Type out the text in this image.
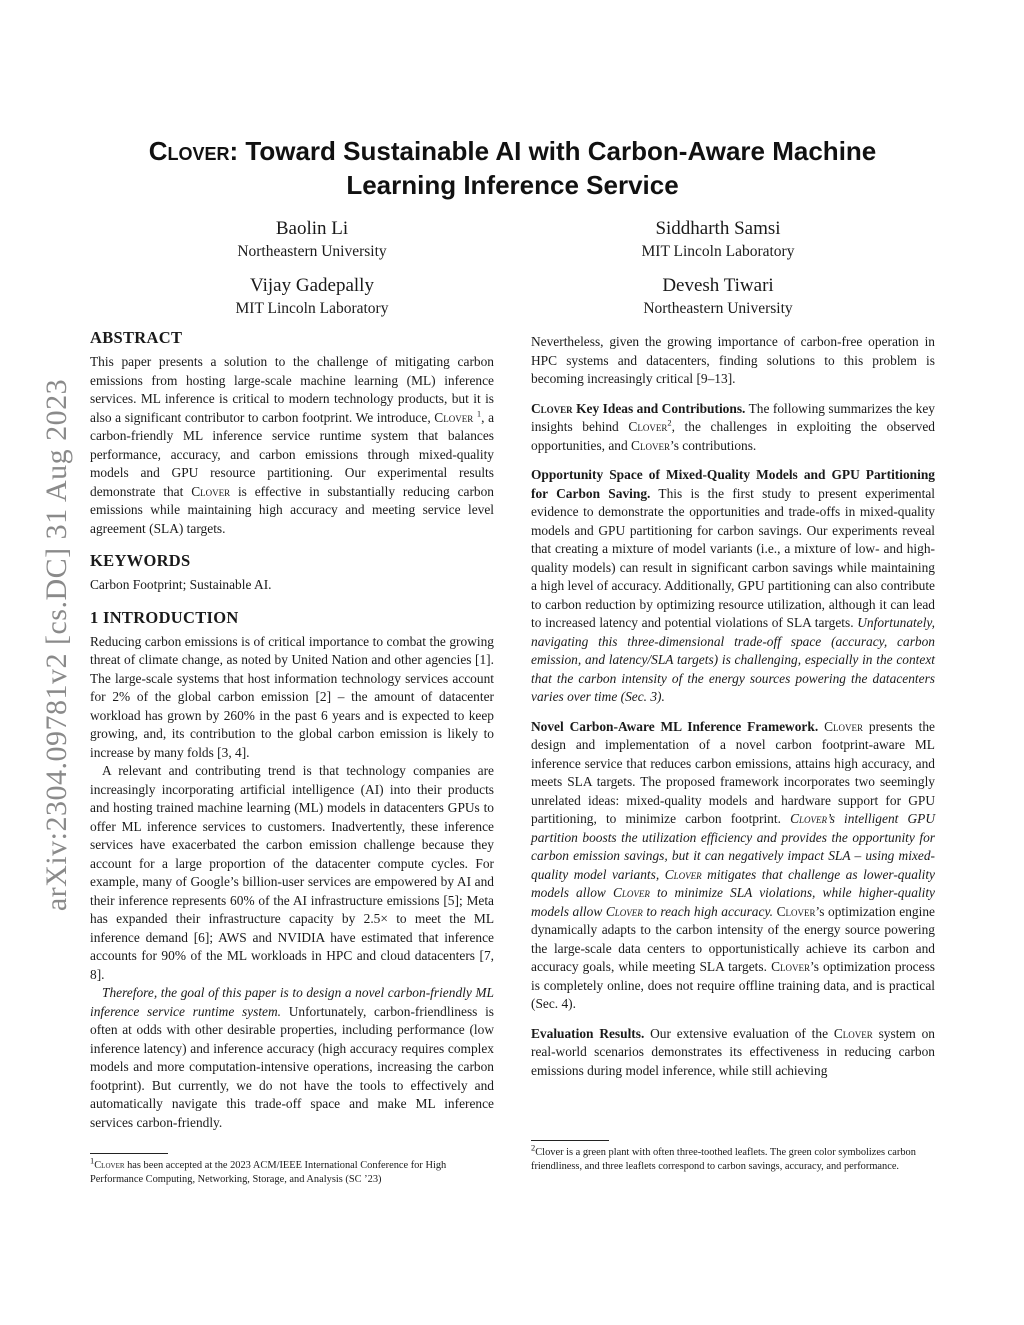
arXiv:2304.09781v2 [cs.DC] 31 Aug 2023
Clover: Toward Sustainable AI with Carbon-Aware Machine
Learning Inference Service
Baolin Li
Northeastern University
Siddharth Samsi
MIT Lincoln Laboratory
Vijay Gadepally
MIT Lincoln Laboratory
Devesh Tiwari
Northeastern University
ABSTRACT

This paper presents a solution to the challenge of mitigating carbon emissions from hosting large-scale machine learning (ML) inference services. ML inference is critical to modern technology products, but it is also a significant contributor to carbon footprint. We introduce, Clover $^1$, a carbon-friendly ML inference service runtime system that balances performance, accuracy, and carbon emissions through mixed-quality models and GPU resource partitioning. Our experimental results demonstrate that Clover is effective in substantially reducing carbon emissions while maintaining high accuracy and meeting service level agreement (SLA) targets.

KEYWORDS

Carbon Footprint; Sustainable AI.

1 INTRODUCTION

Reducing carbon emissions is of critical importance to combat the growing threat of climate change, as noted by United Nation and other agencies [1]. The large-scale systems that host information technology services account for 2% of the global carbon emission [2] – the amount of datacenter workload has grown by 260% in the past 6 years and is expected to keep growing, and, its contribution to the global carbon emission is likely to increase by many folds [3, 4].

A relevant and contributing trend is that technology companies are increasingly incorporating artificial intelligence (AI) into their products and hosting trained machine learning (ML) models in datacenters GPUs to offer ML inference services to customers. Inadvertently, these inference services have exacerbated the carbon emission challenge because they account for a large proportion of the datacenter compute cycles. For example, many of Google’s billion-user services are empowered by AI and their inference represents 60% of the AI infrastructure emissions [5]; Meta has expanded their infrastructure capacity by 2.5× to meet the ML inference demand [6]; AWS and NVIDIA have estimated that inference accounts for 90% of the ML workloads in HPC and cloud datacenters [7, 8].

Therefore, the goal of this paper is to design a novel carbon-friendly ML inference service runtime system. Unfortunately, carbon-friendliness is often at odds with other desirable properties, including performance (low inference latency) and inference accuracy (high accuracy requires complex models and more computation-intensive operations, increasing the carbon footprint). But currently, we do not have the tools to effectively and automatically navigate this trade-off space and make ML inference services carbon-friendly.

$^1$Clover has been accepted at the 2023 ACM/IEEE International Conference for High Performance Computing, Networking, Storage, and Analysis (SC ’23)

Nevertheless, given the growing importance of carbon-free operation in HPC systems and datacenters, finding solutions to this problem is becoming increasingly critical [9–13].

Clover Key Ideas and Contributions. The following summarizes the key insights behind Clover$^2$, the challenges in exploiting the observed opportunities, and Clover’s contributions.

Opportunity Space of Mixed-Quality Models and GPU Partitioning for Carbon Saving. This is the first study to present experimental evidence to demonstrate the opportunities and trade-offs in mixed-quality models and GPU partitioning for carbon savings. Our experiments reveal that creating a mixture of model variants (i.e., a mixture of low- and high-quality models) can result in significant carbon savings while maintaining a high level of accuracy. Additionally, GPU partitioning can also contribute to carbon reduction by optimizing resource utilization, although it can lead to increased latency and potential violations of SLA targets. Unfortunately, navigating this three-dimensional trade-off space (accuracy, carbon emission, and latency/SLA targets) is challenging, especially in the context that the carbon intensity of the energy sources powering the datacenters varies over time (Sec. 3).

Novel Carbon-Aware ML Inference Framework. Clover presents the design and implementation of a novel carbon footprint-aware ML inference service that reduces carbon emissions, attains high accuracy, and meets SLA targets. The proposed framework incorporates two seemingly unrelated ideas: mixed-quality models and hardware support for GPU partitioning, to minimize carbon footprint. Clover’s intelligent GPU partition boosts the utilization efficiency and provides the opportunity for carbon emission savings, but it can negatively impact SLA – using mixed-quality model variants, Clover mitigates that challenge as lower-quality models allow Clover to minimize SLA violations, while higher-quality models allow Clover to reach high accuracy. Clover’s optimization engine dynamically adapts to the carbon intensity of the energy source powering the large-scale data centers to opportunistically achieve its carbon and accuracy goals, while meeting SLA targets. Clover’s optimization process is completely online, does not require offline training data, and is practical (Sec. 4).

Evaluation Results. Our extensive evaluation of the Clover system on real-world scenarios demonstrates its effectiveness in reducing carbon emissions during model inference, while still achieving

$^2$Clover is a green plant with often three-toothed leaflets. The green color symbolizes carbon friendliness, and three leaflets correspond to carbon savings, accuracy, and performance.
